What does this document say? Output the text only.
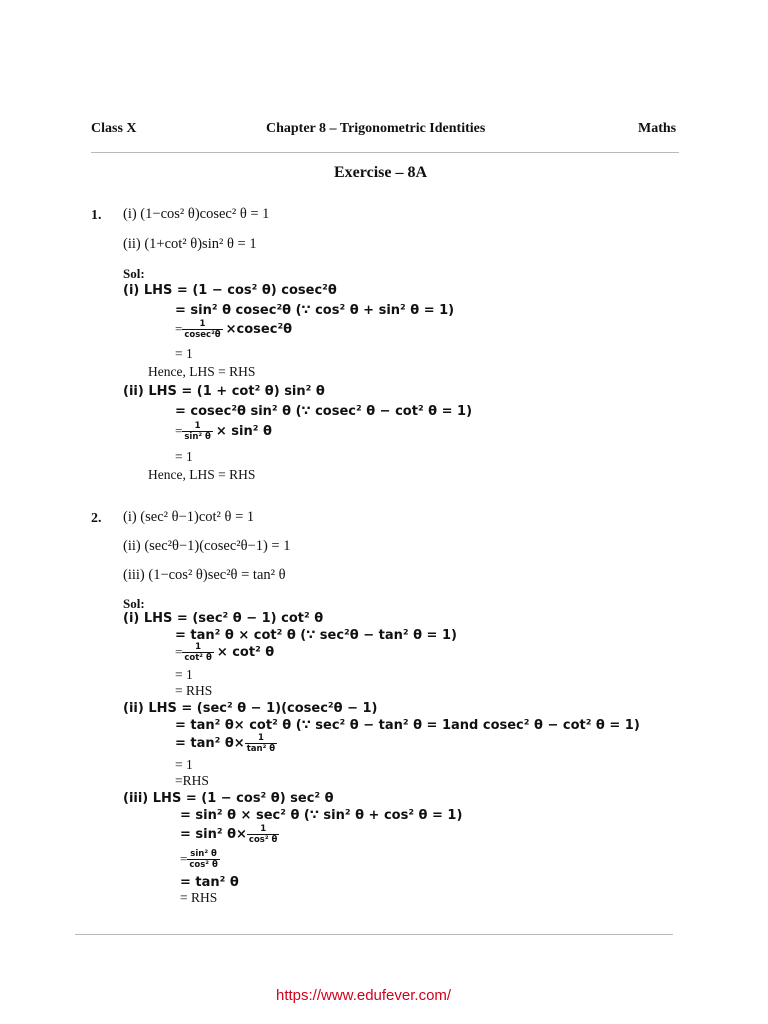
Class X	Chapter 8 – Trigonometric Identities	Maths
Exercise – 8A
1. (i) (1−cos² θ)cosec² θ = 1
(ii) (1+cot² θ)sin² θ = 1
Sol:
(i) LHS = (1 − cos² θ) cosec²θ
= sin² θ cosec²θ (∵ cos² θ + sin² θ = 1)
= $\frac{1}{\text{cosec²θ}} \times cosec^2\theta$
= 1
Hence, LHS = RHS
(ii) LHS = (1 + cot² θ) sin² θ
= cosec²θ sin² θ (∵ cosec² θ − cot² θ = 1)
= $\frac{1}{\text{sin² θ}} \times \sin^2$ θ
= 1
Hence, LHS = RHS
2. (i) (sec² θ−1)cot² θ = 1
(ii) (sec²θ−1)(cosec²θ−1) = 1
(iii) (1−cos² θ)sec²θ = tan² θ
Sol:
(i) LHS = (sec² θ − 1) cot² θ
= tan² θ × cot² θ (∵ sec²θ − tan² θ = 1)
= $\frac{1}{\text{cot² θ}} \times \cot^2$ θ
= 1
= RHS
(ii) LHS = (sec² θ − 1)(cosec²θ − 1)
= tan² θ× cot² θ (∵ sec² θ − tan² θ = 1and cosec² θ − cot² θ = 1)
= tan² $\theta\times \frac{1}{\text{tan² θ}}$
= 1
=RHS
(iii) LHS = (1 − cos² θ) sec² θ
= sin² θ × sec² θ (∵ sin² θ + cos² θ = 1)
= sin² $\theta\times \frac{1}{\text{cos² θ}}$
= $\frac{\text{sin² θ}}{\text{cos² θ}}$
= tan² θ
= RHS
https://www.edufever.com/
